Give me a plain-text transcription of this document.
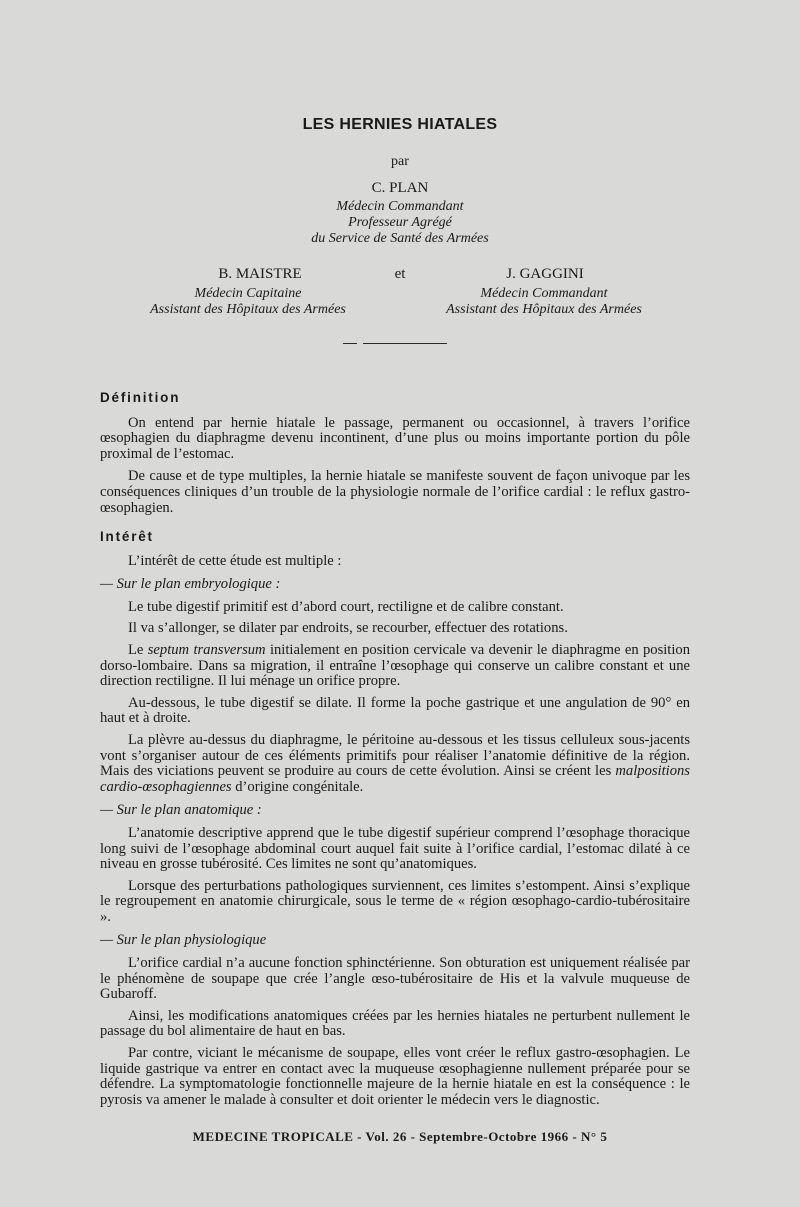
LES HERNIES HIATALES
par
C. PLAN
Médecin Commandant
Professeur Agrégé
du Service de Santé des Armées
B. MAISTRE	et	J. GAGGINI
Médecin Capitaine
Assistant des Hôpitaux des Armées
Médecin Commandant
Assistant des Hôpitaux des Armées

Définition

On entend par hernie hiatale le passage, permanent ou occasionnel, à travers l’orifice œsophagien du diaphragme devenu incontinent, d’une plus ou moins importante portion du pôle proximal de l’estomac.

De cause et de type multiples, la hernie hiatale se manifeste souvent de façon univoque par les conséquences cliniques d’un trouble de la physiologie normale de l’orifice cardial : le reflux gastro-œsophagien.

Intérêt

L’intérêt de cette étude est multiple :

— Sur le plan embryologique :

Le tube digestif primitif est d’abord court, rectiligne et de calibre constant.

Il va s’allonger, se dilater par endroits, se recourber, effectuer des rotations.

Le septum transversum initialement en position cervicale va devenir le diaphragme en position dorso-lombaire. Dans sa migration, il entraîne l’œsophage qui conserve un calibre constant et une direction rectiligne. Il lui ménage un orifice propre.

Au-dessous, le tube digestif se dilate. Il forme la poche gastrique et une angulation de 90° en haut et à droite.

La plèvre au-dessus du diaphragme, le péritoine au-dessous et les tissus celluleux sous-jacents vont s’organiser autour de ces éléments primitifs pour réaliser l’anatomie définitive de la région. Mais des viciations peuvent se produire au cours de cette évolution. Ainsi se créent les malpositions cardio-œsophagiennes d’origine congénitale.

— Sur le plan anatomique :

L’anatomie descriptive apprend que le tube digestif supérieur comprend l’œsophage thoracique long suivi de l’œsophage abdominal court auquel fait suite à l’orifice cardial, l’estomac dilaté à ce niveau en grosse tubérosité. Ces limites ne sont qu’anatomiques.

Lorsque des perturbations pathologiques surviennent, ces limites s’estompent. Ainsi s’explique le regroupement en anatomie chirurgicale, sous le terme de « région œsophago-cardio-tubérositaire ».

— Sur le plan physiologique

L’orifice cardial n’a aucune fonction sphinctérienne. Son obturation est uniquement réalisée par le phénomène de soupape que crée l’angle œso-tubérositaire de His et la valvule muqueuse de Gubaroff.

Ainsi, les modifications anatomiques créées par les hernies hiatales ne perturbent nullement le passage du bol alimentaire de haut en bas.

Par contre, viciant le mécanisme de soupape, elles vont créer le reflux gastro-œsophagien. Le liquide gastrique va entrer en contact avec la muqueuse œsophagienne nullement préparée pour se défendre. La symptomatologie fonctionnelle majeure de la hernie hiatale en est la conséquence : le pyrosis va amener le malade à consulter et doit orienter le médecin vers le diagnostic.

MEDECINE TROPICALE - Vol. 26 - Septembre-Octobre 1966 - N° 5
